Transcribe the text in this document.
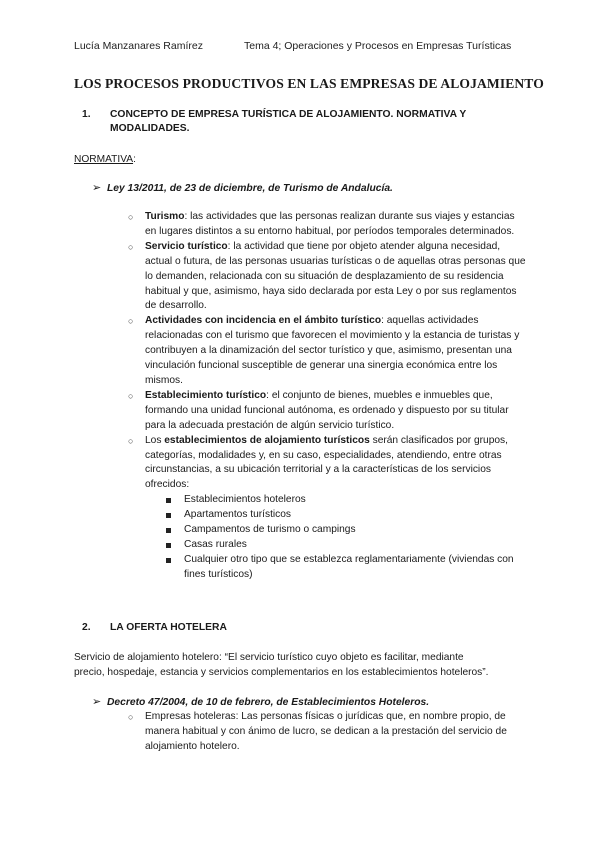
Lucía Manzanares Ramírez	Tema 4; Operaciones y Procesos en Empresas Turísticas
LOS PROCESOS PRODUCTIVOS EN LAS EMPRESAS DE ALOJAMIENTO
1. CONCEPTO DE EMPRESA TURÍSTICA DE ALOJAMIENTO. NORMATIVA Y
MODALIDADES.
NORMATIVA:
➢ Ley 13/2011, de 23 de diciembre, de Turismo de Andalucía.
○ Turismo: las actividades que las personas realizan durante sus viajes y estancias en lugares distintos a su entorno habitual, por períodos temporales determinados.
○ Servicio turístico: la actividad que tiene por objeto atender alguna necesidad, actual o futura, de las personas usuarias turísticas o de aquellas otras personas que lo demanden, relacionada con su situación de desplazamiento de su residencia habitual y que, asimismo, haya sido declarada por esta Ley o por sus reglamentos de desarrollo.
○ Actividades con incidencia en el ámbito turístico: aquellas actividades relacionadas con el turismo que favorecen el movimiento y la estancia de turistas y contribuyen a la dinamización del sector turístico y que, asimismo, presentan una vinculación funcional susceptible de generar una sinergia económica entre los mismos.
○ Establecimiento turístico: el conjunto de bienes, muebles e inmuebles que, formando una unidad funcional autónoma, es ordenado y dispuesto por su titular para la adecuada prestación de algún servicio turístico.
○ Los establecimientos de alojamiento turísticos serán clasificados por grupos, categorías, modalidades y, en su caso, especialidades, atendiendo, entre otras circunstancias, a su ubicación territorial y a la características de los servicios ofrecidos:
Establecimientos hoteleros
Apartamentos turísticos
Campamentos de turismo o campings
Casas rurales
Cualquier otro tipo que se establezca reglamentariamente (viviendas con fines turísticos)
2. LA OFERTA HOTELERA
Servicio de alojamiento hotelero: “El servicio turístico cuyo objeto es facilitar, mediante
precio, hospedaje, estancia y servicios complementarios en los establecimientos hoteleros”.
➢ Decreto 47/2004, de 10 de febrero, de Establecimientos Hoteleros.
○ Empresas hoteleras: Las personas físicas o jurídicas que, en nombre propio, de manera habitual y con ánimo de lucro, se dedican a la prestación del servicio de alojamiento hotelero.
